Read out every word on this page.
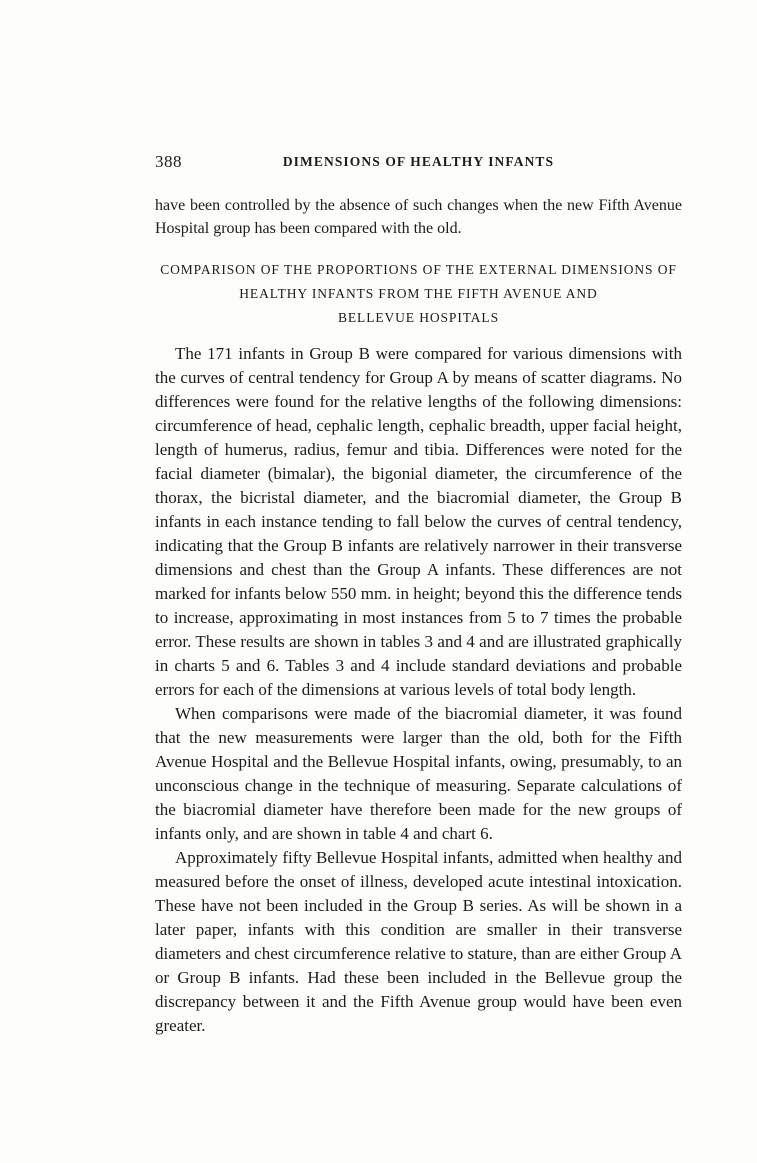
388	DIMENSIONS OF HEALTHY INFANTS

have been controlled by the absence of such changes when the new Fifth Avenue Hospital group has been compared with the old.

COMPARISON OF THE PROPORTIONS OF THE EXTERNAL DIMENSIONS OF
HEALTHY INFANTS FROM THE FIFTH AVENUE AND
BELLEVUE HOSPITALS

The 171 infants in Group B were compared for various dimensions with the curves of central tendency for Group A by means of scatter diagrams. No differences were found for the relative lengths of the following dimensions: circumference of head, cephalic length, cephalic breadth, upper facial height, length of humerus, radius, femur and tibia. Differences were noted for the facial diameter (bimalar), the bigonial diameter, the circumference of the thorax, the bicristal diameter, and the biacromial diameter, the Group B infants in each instance tending to fall below the curves of central tendency, indicating that the Group B infants are relatively narrower in their transverse dimensions and chest than the Group A infants. These differences are not marked for infants below 550 mm. in height; beyond this the difference tends to increase, approximating in most instances from 5 to 7 times the probable error. These results are shown in tables 3 and 4 and are illustrated graphically in charts 5 and 6. Tables 3 and 4 include standard deviations and probable errors for each of the dimensions at various levels of total body length.

When comparisons were made of the biacromial diameter, it was found that the new measurements were larger than the old, both for the Fifth Avenue Hospital and the Bellevue Hospital infants, owing, presumably, to an unconscious change in the technique of measuring. Separate calculations of the biacromial diameter have therefore been made for the new groups of infants only, and are shown in table 4 and chart 6.

Approximately fifty Bellevue Hospital infants, admitted when healthy and measured before the onset of illness, developed acute intestinal intoxication. These have not been included in the Group B series. As will be shown in a later paper, infants with this condition are smaller in their transverse diameters and chest circumference relative to stature, than are either Group A or Group B infants. Had these been included in the Bellevue group the discrepancy between it and the Fifth Avenue group would have been even greater.
